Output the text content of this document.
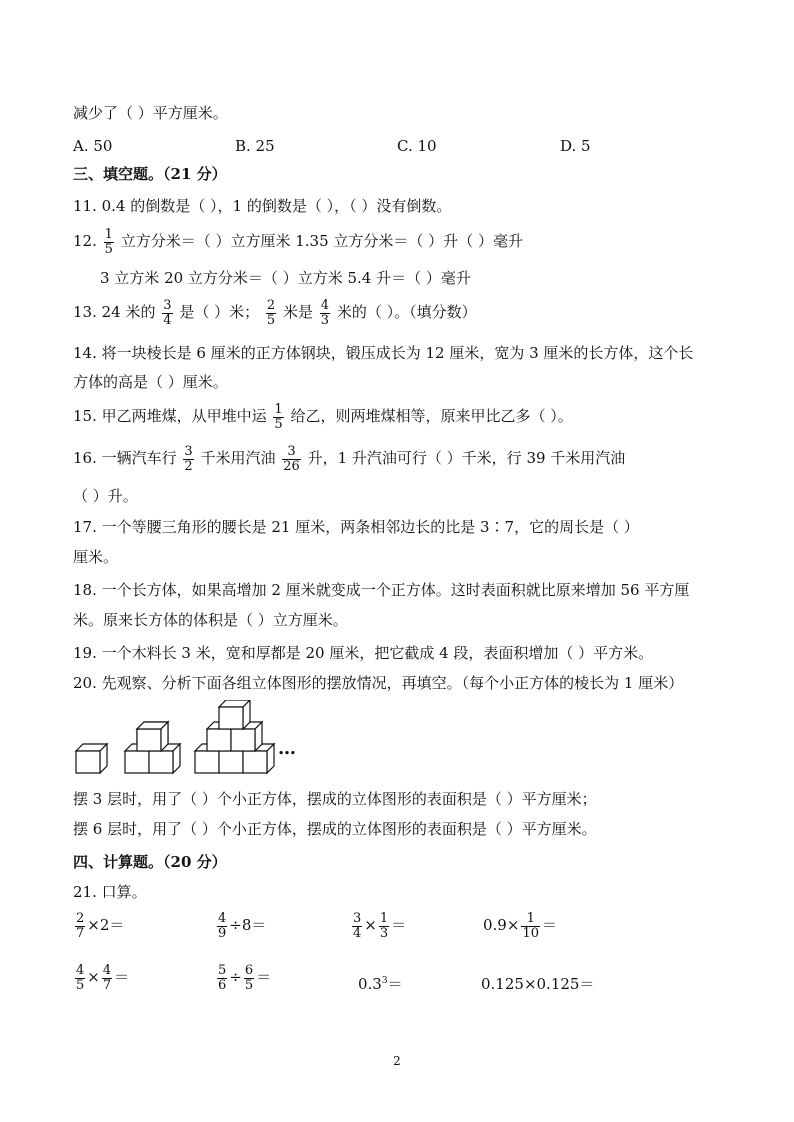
减少了（ ）平方厘米。
A. 50	B. 25	C. 10	D. 5
三、填空题。（21 分）
11. 0.4 的倒数是（ ），1 的倒数是（ ），（ ）没有倒数。
12. $\frac{1}{5}$ 立方分米＝（ ）立方厘米 1.35 立方分米＝（ ）升（ ）毫升
3 立方米 20 立方分米＝（ ）立方米 5.4 升＝（ ）毫升
13. 24 米的 $\frac{3}{4}$ 是（ ）米； $\frac{2}{5}$ 米是 $\frac{4}{3}$ 米的（ ）。（填分数）
14. 将一块棱长是 6 厘米的正方体钢块，锻压成长为 12 厘米，宽为 3 厘米的长方体，这个长
方体的高是（ ）厘米。
15. 甲乙两堆煤，从甲堆中运 $\frac{1}{5}$ 给乙，则两堆煤相等，原来甲比乙多（ ）。
16. 一辆汽车行 $\frac{3}{2}$ 千米用汽油 $\frac{3}{26}$ 升，1 升汽油可行（ ）千米，行 39 千米用汽油
（ ）升。
17. 一个等腰三角形的腰长是 21 厘米，两条相邻边长的比是 3∶7，它的周长是（ ）
厘米。
18. 一个长方体，如果高增加 2 厘米就变成一个正方体。这时表面积就比原来增加 56 平方厘
米。原来长方体的体积是（ ）立方厘米。
19. 一个木料长 3 米，宽和厚都是 20 厘米，把它截成 4 段，表面积增加（ ）平方米。
20. 先观察、分析下面各组立体图形的摆放情况，再填空。（每个小正方体的棱长为 1 厘米）
…
摆 3 层时，用了（ ）个小正方体，摆成的立体图形的表面积是（ ）平方厘米；
摆 6 层时，用了（ ）个小正方体，摆成的立体图形的表面积是（ ）平方厘米。
四、计算题。（20 分）
21. 口算。
$\frac{2}{7} \times 2=$	$\frac{4}{9} \div 8=$	$\frac{3}{4} \times \frac{1}{3}$ ＝	$0.9\times \frac{1}{10}$ ＝
$\frac{4}{5} \times \frac{4}{7}$ ＝	$\frac{5}{6} \div \frac{6}{5}$ ＝	$0.3^3=$	0.125×0.125＝
2
